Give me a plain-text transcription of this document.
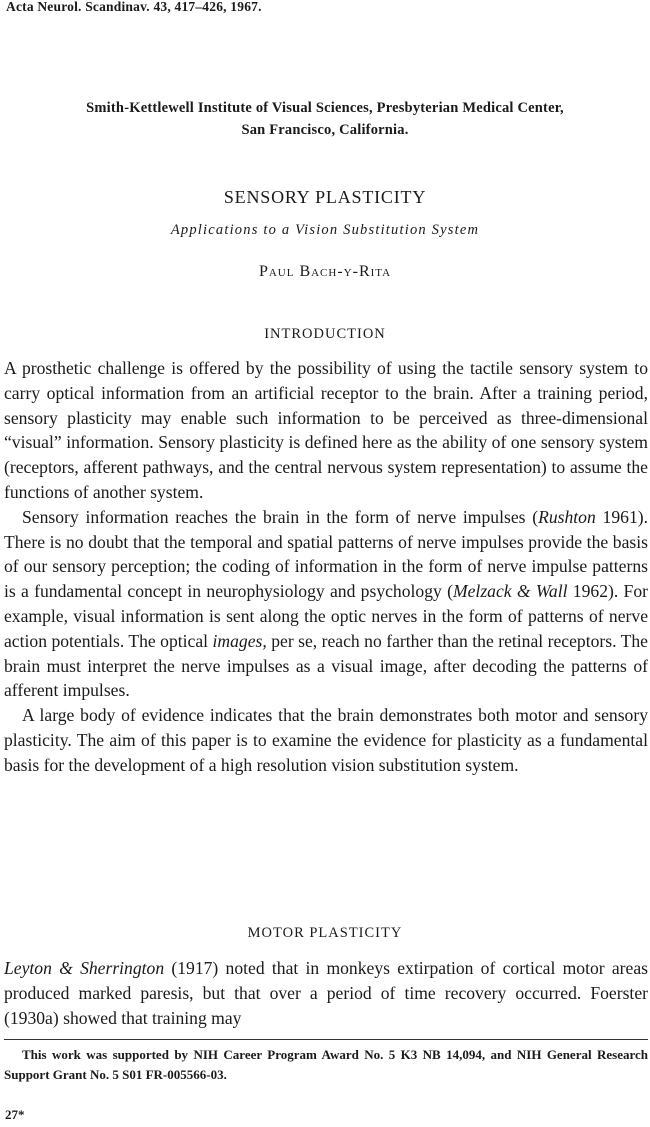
Acta Neurol. Scandinav. 43, 417–426, 1967.
Smith-Kettlewell Institute of Visual Sciences, Presbyterian Medical Center,
San Francisco, California.
SENSORY PLASTICITY
Applications to a Vision Substitution System
Paul Bach-y-Rita
INTRODUCTION

A prosthetic challenge is offered by the possibility of using the tactile sensory system to carry optical information from an artificial receptor to the brain. After a training period, sensory plasticity may enable such information to be perceived as three-dimensional “visual” information. Sensory plasticity is defined here as the ability of one sensory system (receptors, afferent pathways, and the central nervous system representation) to assume the functions of another system.

Sensory information reaches the brain in the form of nerve impulses (Rushton 1961). There is no doubt that the temporal and spatial patterns of nerve impulses provide the basis of our sensory perception; the coding of information in the form of nerve impulse patterns is a fundamental concept in neurophysiology and psychology (Melzack & Wall 1962). For example, visual information is sent along the optic nerves in the form of patterns of nerve action potentials. The optical images, per se, reach no farther than the retinal receptors. The brain must interpret the nerve impulses as a visual image, after decoding the patterns of afferent impulses.

A large body of evidence indicates that the brain demonstrates both motor and sensory plasticity. The aim of this paper is to examine the evidence for plasticity as a fundamental basis for the development of a high resolution vision substitution system.

MOTOR PLASTICITY

Leyton & Sherrington (1917) noted that in monkeys extirpation of cortical motor areas produced marked paresis, but that over a period of time recovery occurred. Foerster (1930a) showed that training may

This work was supported by NIH Career Program Award No. 5 K3 NB 14,094, and NIH General Research Support Grant No. 5 S01 FR-005566-03.

27*
